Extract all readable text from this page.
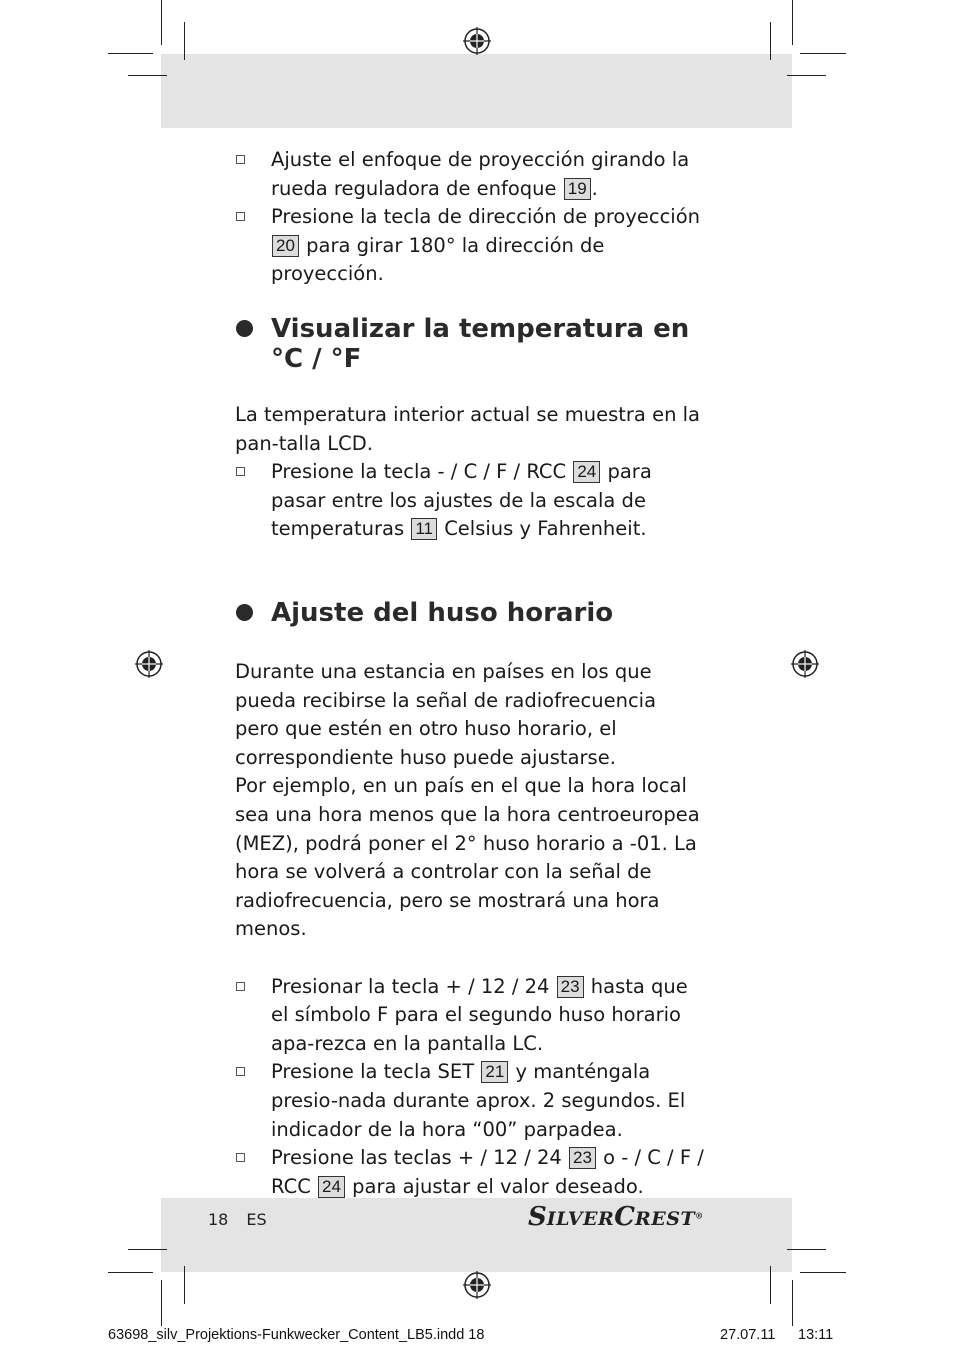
Ajuste el enfoque de proyección girando la rueda reguladora de enfoque 19 .
Presione la tecla de dirección de proyección 20 para girar 180° la dirección de proyección.
Visualizar la temperatura en °C / °F

La temperatura interior actual se muestra en la pan-talla LCD.

Presione la tecla - / C / F / RCC 24 para pasar entre los ajustes de la escala de temperaturas 11 Celsius y Fahrenheit.
Ajuste del huso horario

Durante una estancia en países en los que pueda recibirse la señal de radiofrecuencia pero que estén en otro huso horario, el correspondiente huso puede ajustarse.

Por ejemplo, en un país en el que la hora local sea una hora menos que la hora centroeuropea (MEZ), podrá poner el 2° huso horario a -01. La hora se volverá a controlar con la señal de radiofrecuencia, pero se mostrará una hora menos.

Presionar la tecla + / 12 / 24 23 hasta que el símbolo F para el segundo huso horario apa-rezca en la pantalla LC.
Presione la tecla SET 21 y manténgala presio-nada durante aprox. 2 segundos. El indicador de la hora “00” parpadea.
Presione las teclas + / 12 / 24 23 o - / C / F / RCC 24 para ajustar el valor deseado.
18 ES	SILVERCREST®
63698_silv_Projektions-Funkwecker_Content_LB5.indd 18	27.07.11 13:11
